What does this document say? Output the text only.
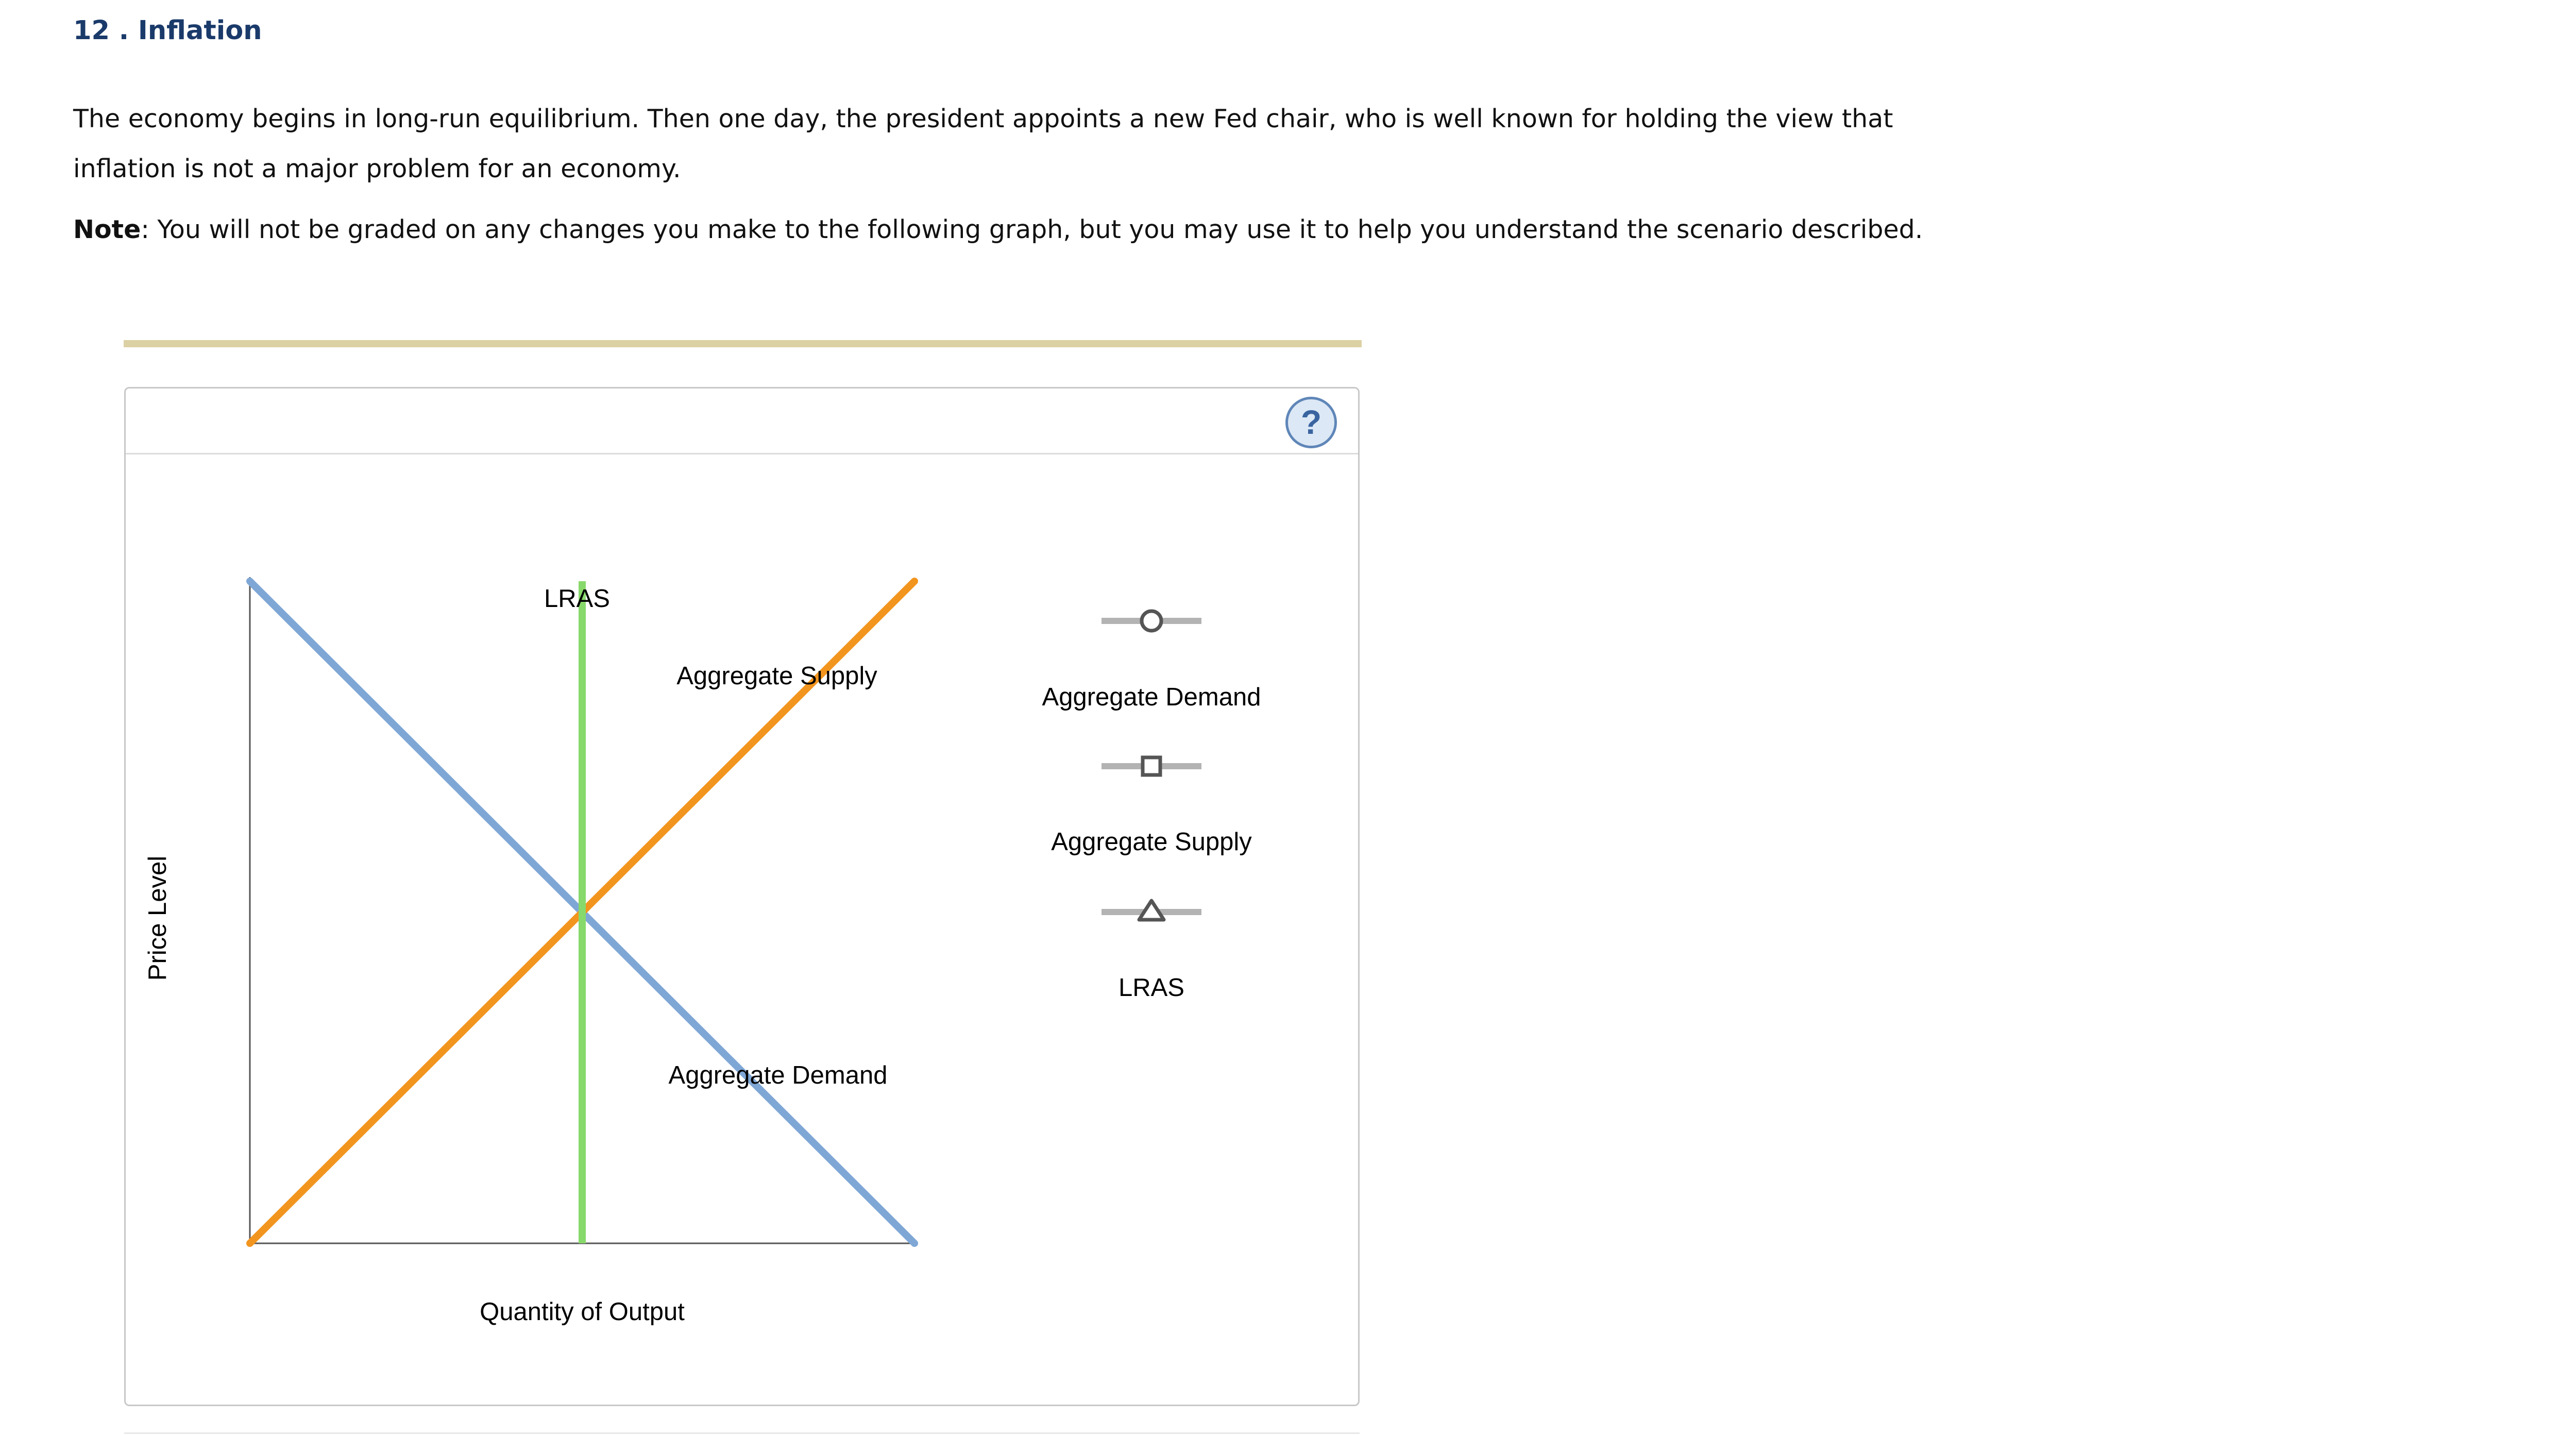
12 . Inflation

The economy begins in long-run equilibrium. Then one day, the president appoints a new Fed chair, who is well known for holding the view that inflation is not a major problem for an economy.

Note: You will not be graded on any changes you make to the following graph, but you may use it to help you understand the scenario described.

?
LRAS
Aggregate Supply
Aggregate Demand
Quantity of Output
Price Level
Aggregate Demand
Aggregate Supply
LRAS
